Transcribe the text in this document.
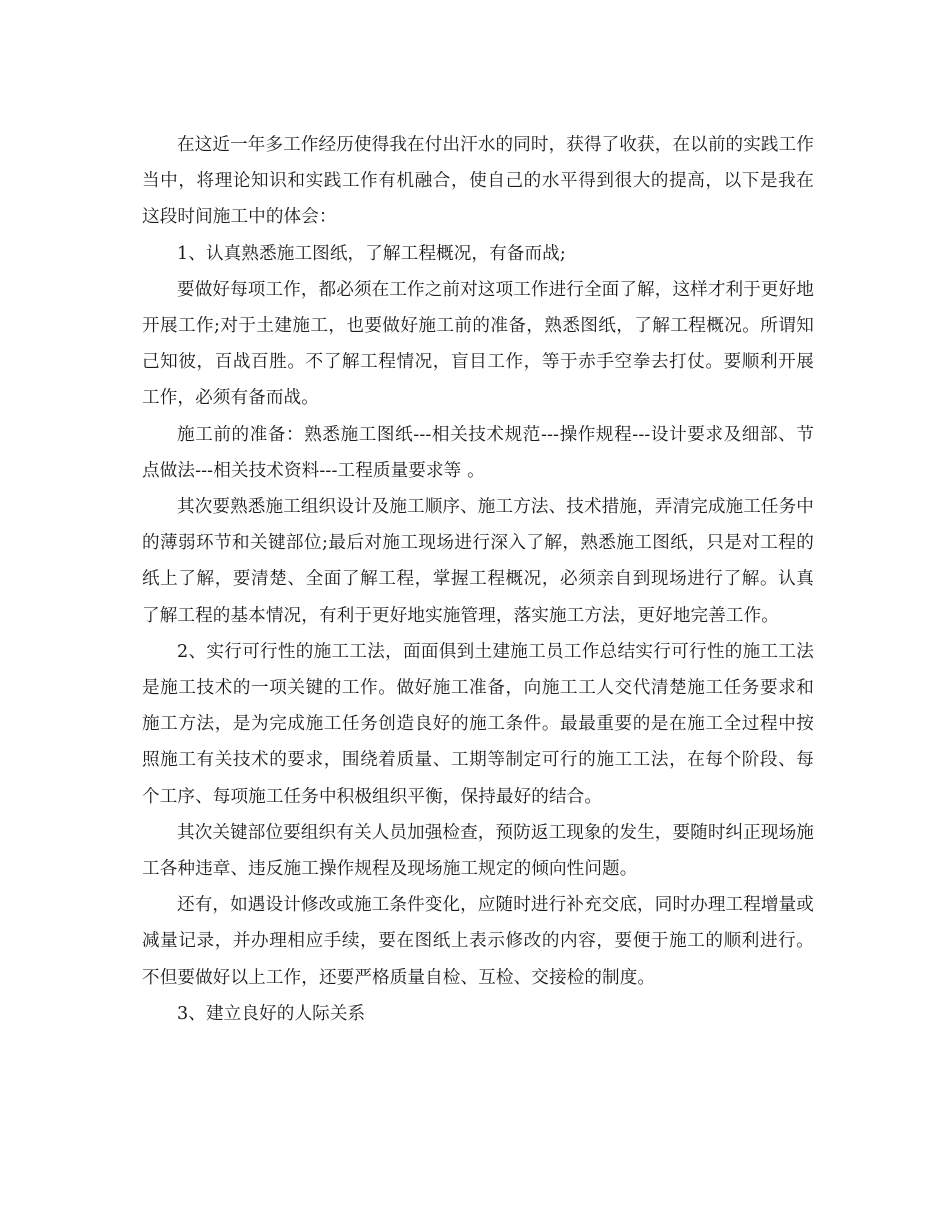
在这近一年多工作经历使得我在付出汗水的同时，获得了收获，在以前的实践工作当中，将理论知识和实践工作有机融合，使自己的水平得到很大的提高，以下是我在这段时间施工中的体会：

1、认真熟悉施工图纸，了解工程概况，有备而战;

要做好每项工作，都必须在工作之前对这项工作进行全面了解，这样才利于更好地开展工作;对于土建施工，也要做好施工前的准备，熟悉图纸，了解工程概况。所谓知己知彼，百战百胜。不了解工程情况，盲目工作，等于赤手空拳去打仗。要顺利开展工作，必须有备而战。

施工前的准备：熟悉施工图纸---相关技术规范---操作规程---设计要求及细部、节点做法---相关技术资料---工程质量要求等 。

其次要熟悉施工组织设计及施工顺序、施工方法、技术措施，弄清完成施工任务中的薄弱环节和关键部位;最后对施工现场进行深入了解，熟悉施工图纸，只是对工程的纸上了解，要清楚、全面了解工程，掌握工程概况，必须亲自到现场进行了解。认真了解工程的基本情况，有利于更好地实施管理，落实施工方法，更好地完善工作。

2、实行可行性的施工工法，面面俱到土建施工员工作总结实行可行性的施工工法是施工技术的一项关键的工作。做好施工准备，向施工工人交代清楚施工任务要求和施工方法，是为完成施工任务创造良好的施工条件。最最重要的是在施工全过程中按照施工有关技术的要求，围绕着质量、工期等制定可行的施工工法，在每个阶段、每个工序、每项施工任务中积极组织平衡，保持最好的结合。

其次关键部位要组织有关人员加强检查，预防返工现象的发生，要随时纠正现场施工各种违章、违反施工操作规程及现场施工规定的倾向性问题。

还有，如遇设计修改或施工条件变化，应随时进行补充交底，同时办理工程增量或减量记录，并办理相应手续，要在图纸上表示修改的内容，要便于施工的顺利进行。不但要做好以上工作，还要严格质量自检、互检、交接检的制度。

3、建立良好的人际关系
